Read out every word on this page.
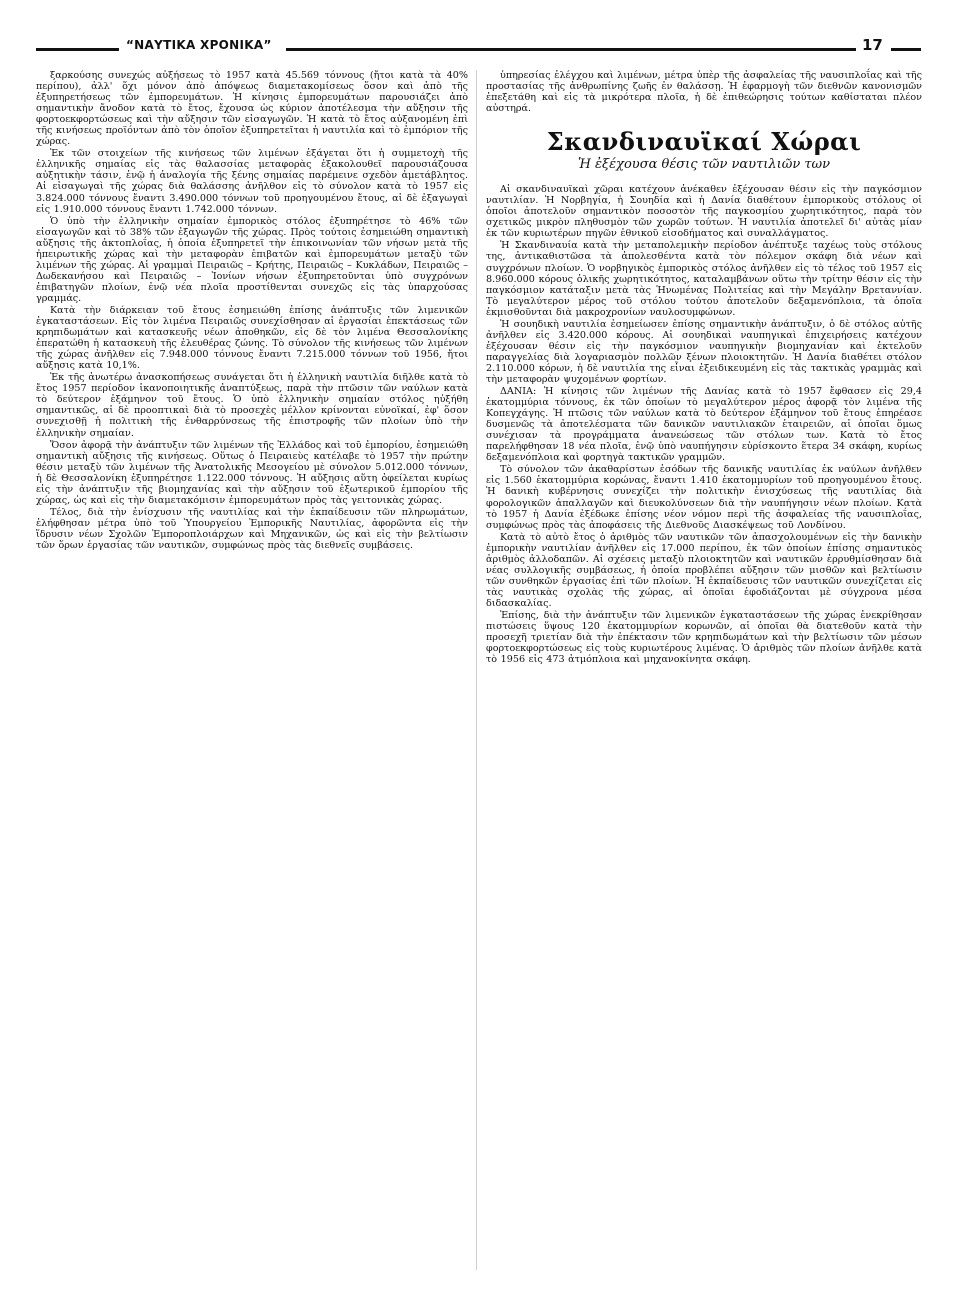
“ΝΑΥΤΙΚΑ ΧΡΟΝΙΚΑ”	17

ξαρκούσης συνεχώς αὐξήσεως τὸ 1957 κατὰ 45.569 τόννους (ἤτοι κατὰ τὰ 40% περίπου), ἀλλ' ὅχι μόνον ἀπὸ ἀπόψεως διαμετακομίσεως ὅσον καὶ ἀπὸ τῆς ἐξυπηρετήσεως τῶν ἐμπορευμάτων. Ἡ κίνησις ἐμπορευμάτων παρουσιάζει ἀπὸ σημαντικὴν ἄνοδον κατὰ τὸ ἔτος, ἔχουσα ὡς κύριον ἀποτέλεσμα τὴν αὔξησιν τῆς φορτοεκφορτώσεως καὶ τὴν αὔξησιν τῶν εἰσαγωγῶν. Ἡ κατὰ τὸ ἔτος αὐξανομένη ἐπὶ τῆς κινήσεως προϊόντων ἀπὸ τὸν ὁποῖον ἐξυπηρετεῖται ἡ ναυτιλία καὶ τὸ ἐμπόριον τῆς χώρας.

Ἐκ τῶν στοιχείων τῆς κινήσεως τῶν λιμένων ἐξάγεται ὅτι ἡ συμμετοχὴ τῆς ἑλληνικῆς σημαίας εἰς τὰς θαλασσίας μεταφορὰς ἐξακολουθεῖ παρουσιάζουσα αὐξητικὴν τάσιν, ἐνῷ ἡ ἀναλογία τῆς ξένης σημαίας παρέμεινε σχεδὸν ἀμετάβλητος. Αἱ εἰσαγωγαὶ τῆς χώρας διὰ θαλάσσης ἀνῆλθον εἰς τὸ σύνολον κατὰ τὸ 1957 εἰς 3.824.000 τόννους ἔναντι 3.490.000 τόννων τοῦ προηγουμένου ἔτους, αἱ δὲ ἐξαγωγαὶ εἰς 1.910.000 τόννους ἔναντι 1.742.000 τόννων.

Ὁ ὑπὸ τὴν ἑλληνικὴν σημαίαν ἐμπορικὸς στόλος ἐξυπηρέτησε τὸ 46% τῶν εἰσαγωγῶν καὶ τὸ 38% τῶν ἐξαγωγῶν τῆς χώρας. Πρὸς τούτοις ἐσημειώθη σημαντικὴ αὔξησις τῆς ἀκτοπλοΐας, ἡ ὁποία ἐξυπηρετεῖ τὴν ἐπικοινωνίαν τῶν νήσων μετὰ τῆς ἠπειρωτικῆς χώρας καὶ τὴν μεταφορὰν ἐπιβατῶν καὶ ἐμπορευμάτων μεταξὺ τῶν λιμένων τῆς χώρας. Αἱ γραμμαὶ Πειραιῶς – Κρήτης, Πειραιῶς – Κυκλάδων, Πειραιῶς – Δωδεκανήσου καὶ Πειραιῶς – Ἰονίων νήσων ἐξυπηρετοῦνται ὑπὸ συγχρόνων ἐπιβατηγῶν πλοίων, ἐνῷ νέα πλοῖα προστίθενται συνεχῶς εἰς τὰς ὑπαρχούσας γραμμάς.

Κατὰ τὴν διάρκειαν τοῦ ἔτους ἐσημειώθη ἐπίσης ἀνάπτυξις τῶν λιμενικῶν ἐγκαταστάσεων. Εἰς τὸν λιμένα Πειραιῶς συνεχίσθησαν αἱ ἐργασίαι ἐπεκτάσεως τῶν κρηπιδωμάτων καὶ κατασκευῆς νέων ἀποθηκῶν, εἰς δὲ τὸν λιμένα Θεσσαλονίκης ἐπερατώθη ἡ κατασκευὴ τῆς ἐλευθέρας ζώνης. Τὸ σύνολον τῆς κινήσεως τῶν λιμένων τῆς χώρας ἀνῆλθεν εἰς 7.948.000 τόννους ἔναντι 7.215.000 τόννων τοῦ 1956, ἤτοι αὔξησις κατὰ 10,1%.

Ἐκ τῆς ἀνωτέρω ἀνασκοπήσεως συνάγεται ὅτι ἡ ἑλληνικὴ ναυτιλία διῆλθε κατὰ τὸ ἔτος 1957 περίοδον ἱκανοποιητικῆς ἀναπτύξεως, παρὰ τὴν πτῶσιν τῶν ναύλων κατὰ τὸ δεύτερον ἑξάμηνον τοῦ ἔτους. Ὁ ὑπὸ ἑλληνικὴν σημαίαν στόλος ηὐξήθη σημαντικῶς, αἱ δὲ προοπτικαὶ διὰ τὸ προσεχὲς μέλλον κρίνονται εὐνοϊκαί, ἐφ' ὅσον συνεχισθῇ ἡ πολιτικὴ τῆς ἐνθαρρύνσεως τῆς ἐπιστροφῆς τῶν πλοίων ὑπὸ τὴν ἑλληνικὴν σημαίαν.

Ὅσον ἀφορᾷ τὴν ἀνάπτυξιν τῶν λιμένων τῆς Ἑλλάδος καὶ τοῦ ἐμπορίου, ἐσημειώθη σημαντικὴ αὔξησις τῆς κινήσεως. Οὕτως ὁ Πειραιεὺς κατέλαβε τὸ 1957 τὴν πρώτην θέσιν μεταξὺ τῶν λιμένων τῆς Ἀνατολικῆς Μεσογείου μὲ σύνολον 5.012.000 τόννων, ἡ δὲ Θεσσαλονίκη ἐξυπηρέτησε 1.122.000 τόννους. Ἡ αὔξησις αὕτη ὀφείλεται κυρίως εἰς τὴν ἀνάπτυξιν τῆς βιομηχανίας καὶ τὴν αὔξησιν τοῦ ἐξωτερικοῦ ἐμπορίου τῆς χώρας, ὡς καὶ εἰς τὴν διαμετακόμισιν ἐμπορευμάτων πρὸς τὰς γειτονικὰς χώρας.

Τέλος, διὰ τὴν ἐνίσχυσιν τῆς ναυτιλίας καὶ τὴν ἐκπαίδευσιν τῶν πληρωμάτων, ἐλήφθησαν μέτρα ὑπὸ τοῦ Ὑπουργείου Ἐμπορικῆς Ναυτιλίας, ἀφορῶντα εἰς τὴν ἵδρυσιν νέων Σχολῶν Ἐμποροπλοιάρχων καὶ Μηχανικῶν, ὡς καὶ εἰς τὴν βελτίωσιν τῶν ὅρων ἐργασίας τῶν ναυτικῶν, συμφώνως πρὸς τὰς διεθνεῖς συμβάσεις.

ὑπηρεσίας ἐλέγχου καὶ λιμένων, μέτρα ὑπὲρ τῆς ἀσφαλείας τῆς ναυσιπλοΐας καὶ τῆς προστασίας τῆς ἀνθρωπίνης ζωῆς ἐν θαλάσσῃ. Ἡ ἐφαρμογὴ τῶν διεθνῶν κανονισμῶν ἐπεξετάθη καὶ εἰς τὰ μικρότερα πλοῖα, ἡ δὲ ἐπιθεώρησις τούτων καθίσταται πλέον αὐστηρά.

Σκανδιναυϊκαί Χώραι
Ἡ ἐξέχουσα θέσις τῶν ναυτιλιῶν των

Αἱ σκανδιναυϊκαὶ χῶραι κατέχουν ἀνέκαθεν ἐξέχουσαν θέσιν εἰς τὴν παγκόσμιον ναυτιλίαν. Ἡ Νορβηγία, ἡ Σουηδία καὶ ἡ Δανία διαθέτουν ἐμπορικοὺς στόλους οἱ ὁποῖοι ἀποτελοῦν σημαντικὸν ποσοστὸν τῆς παγκοσμίου χωρητικότητος, παρὰ τὸν σχετικῶς μικρὸν πληθυσμὸν τῶν χωρῶν τούτων. Ἡ ναυτιλία ἀποτελεῖ δι' αὐτὰς μίαν ἐκ τῶν κυριωτέρων πηγῶν ἐθνικοῦ εἰσοδήματος καὶ συναλλάγματος.

Ἡ Σκανδιναυία κατὰ τὴν μεταπολεμικὴν περίοδον ἀνέπτυξε ταχέως τοὺς στόλους της, ἀντικαθιστῶσα τὰ ἀπολεσθέντα κατὰ τὸν πόλεμον σκάφη διὰ νέων καὶ συγχρόνων πλοίων. Ὁ νορβηγικὸς ἐμπορικὸς στόλος ἀνῆλθεν εἰς τὸ τέλος τοῦ 1957 εἰς 8.960.000 κόρους ὁλικῆς χωρητικότητος, καταλαμβάνων οὕτω τὴν τρίτην θέσιν εἰς τὴν παγκόσμιον κατάταξιν μετὰ τὰς Ἡνωμένας Πολιτείας καὶ τὴν Μεγάλην Βρεταννίαν. Τὸ μεγαλύτερον μέρος τοῦ στόλου τούτου ἀποτελοῦν δεξαμενόπλοια, τὰ ὁποῖα ἐκμισθοῦνται διὰ μακροχρονίων ναυλοσυμφώνων.

Ἡ σουηδικὴ ναυτιλία ἐσημείωσεν ἐπίσης σημαντικὴν ἀνάπτυξιν, ὁ δὲ στόλος αὐτῆς ἀνῆλθεν εἰς 3.420.000 κόρους. Αἱ σουηδικαὶ ναυπηγικαὶ ἐπιχειρήσεις κατέχουν ἐξέχουσαν θέσιν εἰς τὴν παγκόσμιον ναυπηγικὴν βιομηχανίαν καὶ ἐκτελοῦν παραγγελίας διὰ λογαριασμὸν πολλῶν ξένων πλοιοκτητῶν. Ἡ Δανία διαθέτει στόλον 2.110.000 κόρων, ἡ δὲ ναυτιλία της εἶναι ἐξειδικευμένη εἰς τὰς τακτικὰς γραμμὰς καὶ τὴν μεταφορὰν ψυχομένων φορτίων.

ΔΑΝΙΑ: Ἡ κίνησις τῶν λιμένων τῆς Δανίας κατὰ τὸ 1957 ἔφθασεν εἰς 29,4 ἑκατομμύρια τόννους, ἐκ τῶν ὁποίων τὸ μεγαλύτερον μέρος ἀφορᾷ τὸν λιμένα τῆς Κοπεγχάγης. Ἡ πτῶσις τῶν ναύλων κατὰ τὸ δεύτερον ἑξάμηνον τοῦ ἔτους ἐπηρέασε δυσμενῶς τὰ ἀποτελέσματα τῶν δανικῶν ναυτιλιακῶν ἑταιρειῶν, αἱ ὁποῖαι ὅμως συνέχισαν τὰ προγράμματα ἀνανεώσεως τῶν στόλων των. Κατὰ τὸ ἔτος παρελήφθησαν 18 νέα πλοῖα, ἐνῷ ὑπὸ ναυπήγησιν εὑρίσκοντο ἕτερα 34 σκάφη, κυρίως δεξαμενόπλοια καὶ φορτηγὰ τακτικῶν γραμμῶν.

Τὸ σύνολον τῶν ἀκαθαρίστων ἐσόδων τῆς δανικῆς ναυτιλίας ἐκ ναύλων ἀνῆλθεν εἰς 1.560 ἑκατομμύρια κορώνας, ἔναντι 1.410 ἑκατομμυρίων τοῦ προηγουμένου ἔτους. Ἡ δανικὴ κυβέρνησις συνεχίζει τὴν πολιτικὴν ἐνισχύσεως τῆς ναυτιλίας διὰ φορολογικῶν ἀπαλλαγῶν καὶ διευκολύνσεων διὰ τὴν ναυπήγησιν νέων πλοίων. Κατὰ τὸ 1957 ἡ Δανία ἐξέδωκε ἐπίσης νέον νόμον περὶ τῆς ἀσφαλείας τῆς ναυσιπλοΐας, συμφώνως πρὸς τὰς ἀποφάσεις τῆς Διεθνοῦς Διασκέψεως τοῦ Λονδίνου.

Κατὰ τὸ αὐτὸ ἔτος ὁ ἀριθμὸς τῶν ναυτικῶν τῶν ἀπασχολουμένων εἰς τὴν δανικὴν ἐμπορικὴν ναυτιλίαν ἀνῆλθεν εἰς 17.000 περίπου, ἐκ τῶν ὁποίων ἐπίσης σημαντικὸς ἀριθμὸς ἀλλοδαπῶν. Αἱ σχέσεις μεταξὺ πλοιοκτητῶν καὶ ναυτικῶν ἐρρυθμίσθησαν διὰ νέας συλλογικῆς συμβάσεως, ἡ ὁποία προβλέπει αὔξησιν τῶν μισθῶν καὶ βελτίωσιν τῶν συνθηκῶν ἐργασίας ἐπὶ τῶν πλοίων. Ἡ ἐκπαίδευσις τῶν ναυτικῶν συνεχίζεται εἰς τὰς ναυτικὰς σχολὰς τῆς χώρας, αἱ ὁποῖαι ἐφοδιάζονται μὲ σύγχρονα μέσα διδασκαλίας.

Ἐπίσης, διὰ τὴν ἀνάπτυξιν τῶν λιμενικῶν ἐγκαταστάσεων τῆς χώρας ἐνεκρίθησαν πιστώσεις ὕψους 120 ἑκατομμυρίων κορωνῶν, αἱ ὁποῖαι θὰ διατεθοῦν κατὰ τὴν προσεχῆ τριετίαν διὰ τὴν ἐπέκτασιν τῶν κρηπιδωμάτων καὶ τὴν βελτίωσιν τῶν μέσων φορτοεκφορτώσεως εἰς τοὺς κυριωτέρους λιμένας. Ὁ ἀριθμὸς τῶν πλοίων ἀνῆλθε κατὰ τὸ 1956 εἰς 473 ἀτμόπλοια καὶ μηχανοκίνητα σκάφη.
